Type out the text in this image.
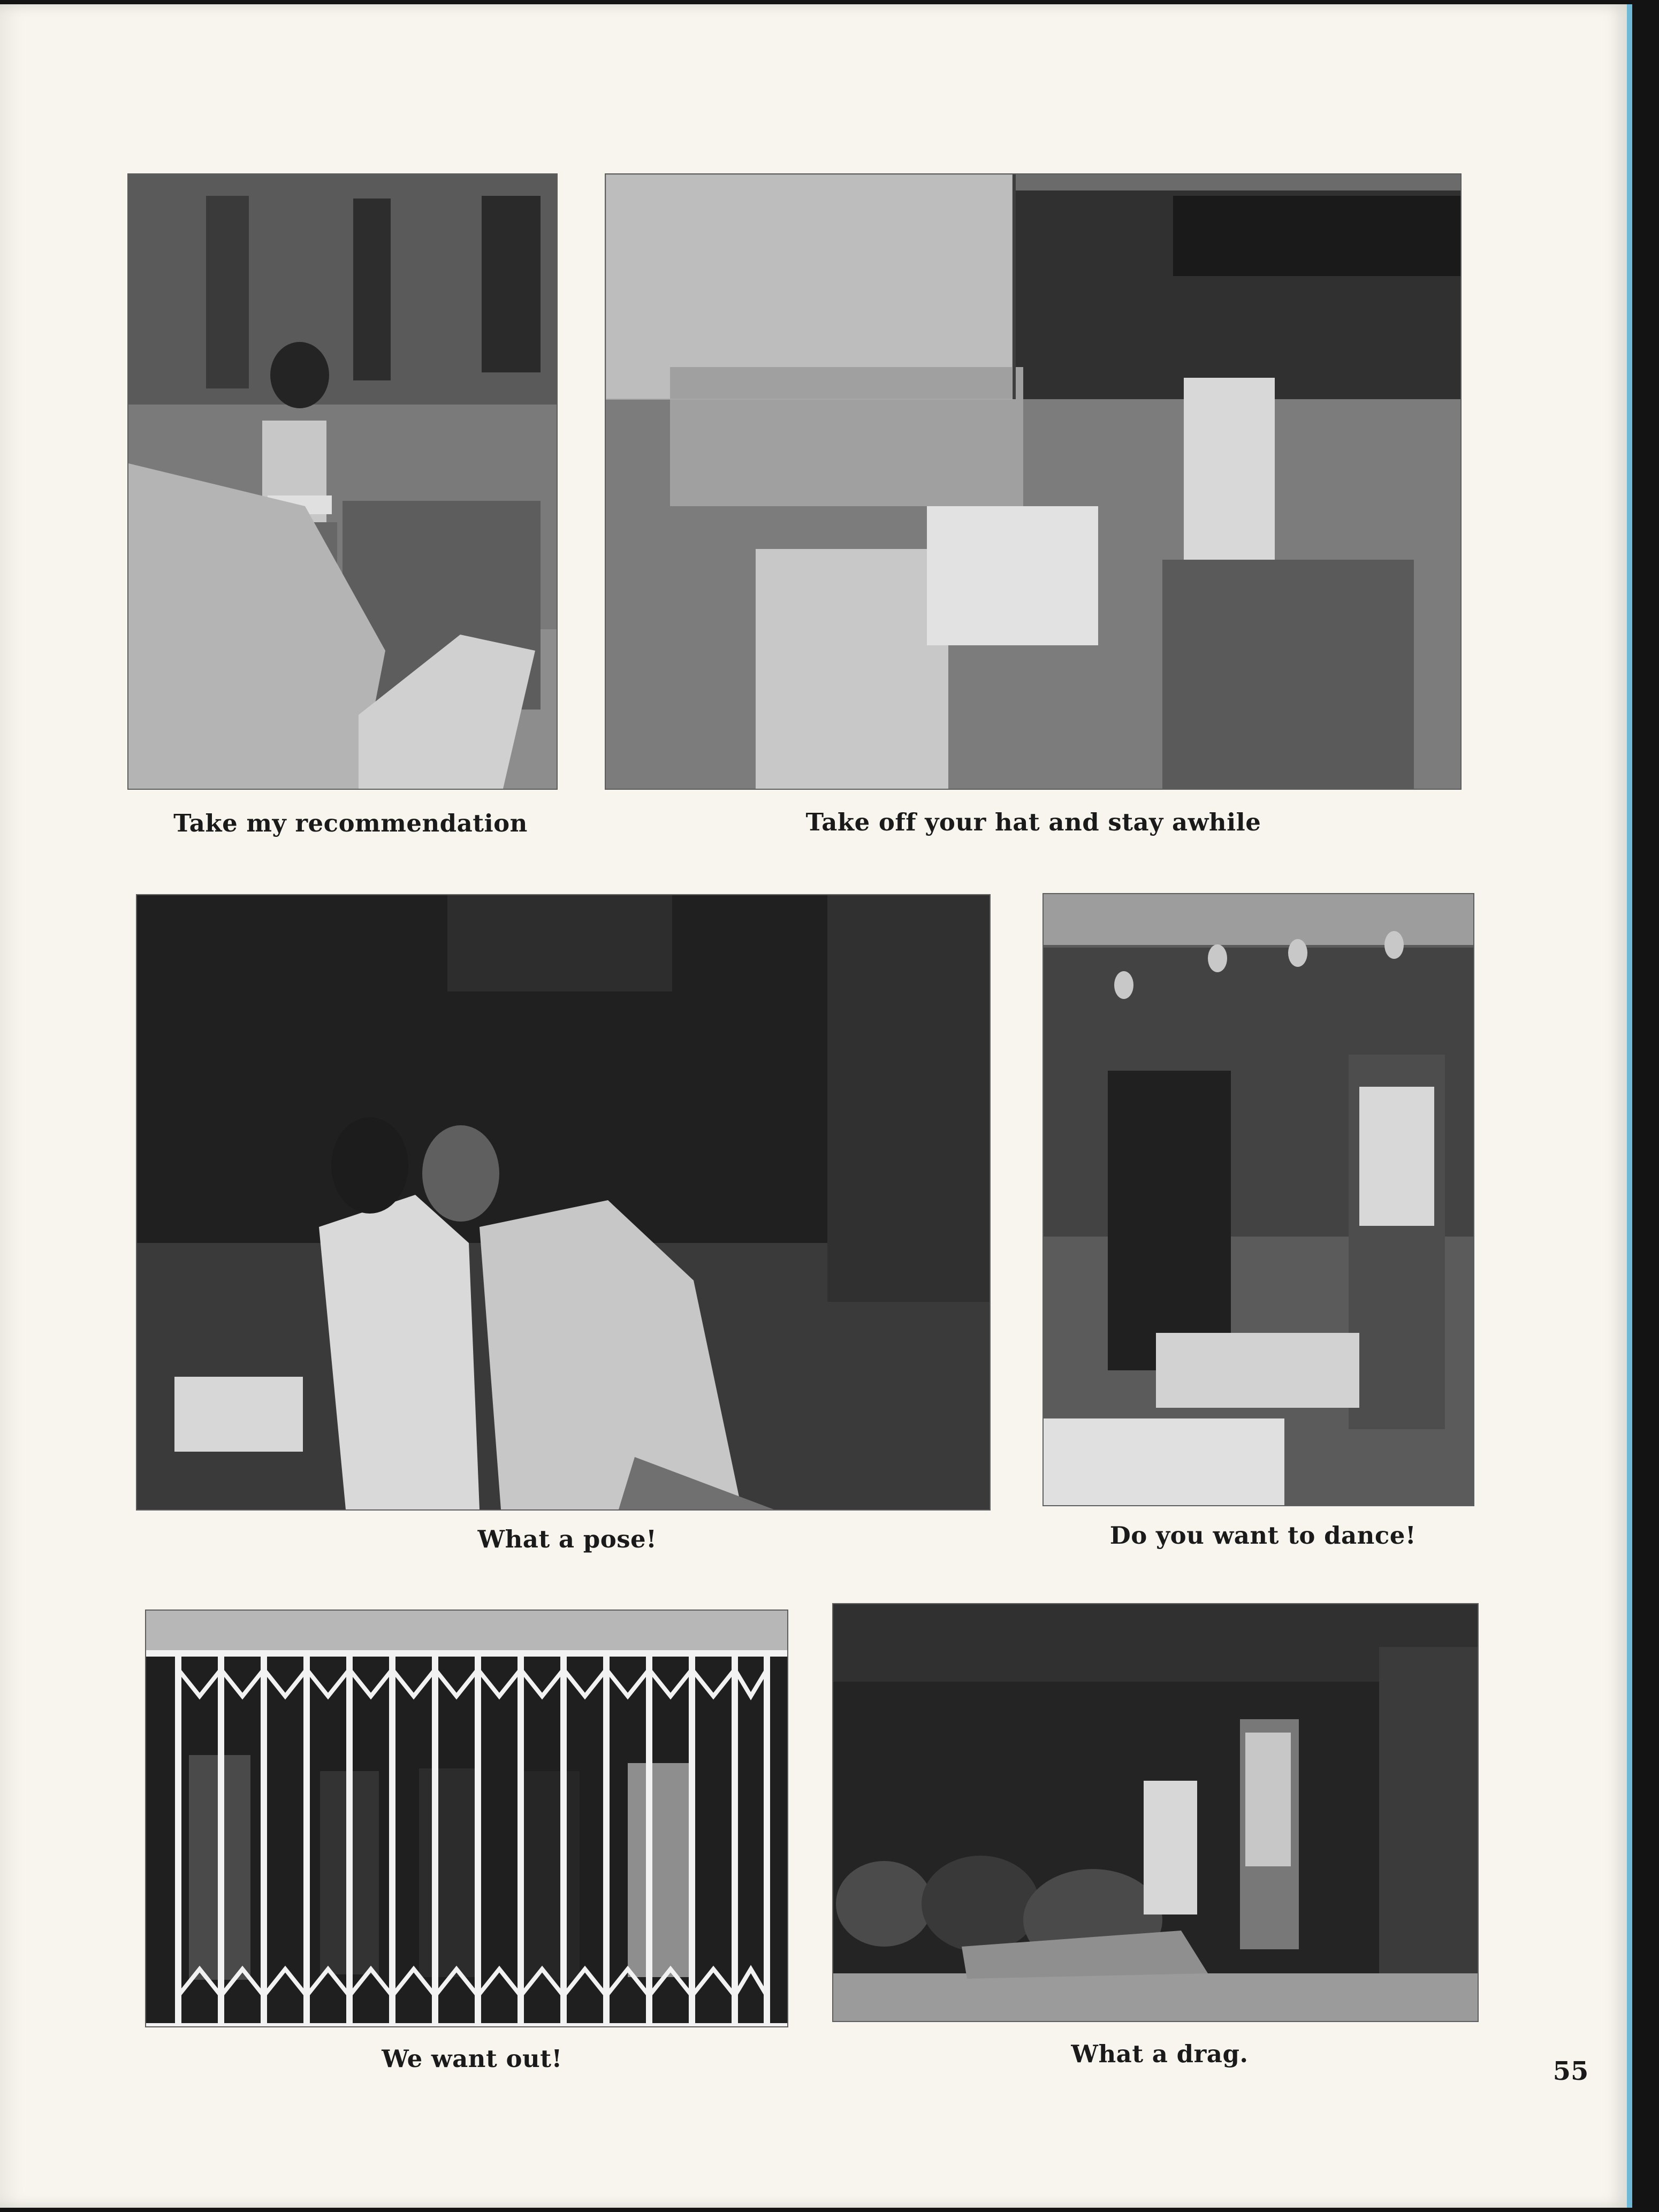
Take my recommendation	Take off your hat and stay awhile
What a pose!	Do you want to dance!
We want out!	What a drag.
55
